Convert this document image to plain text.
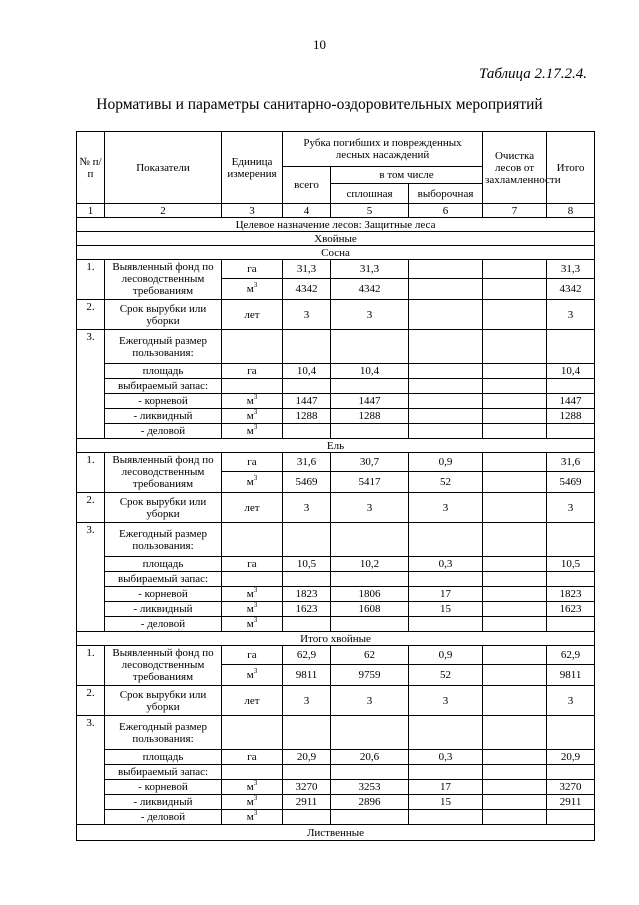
10
Таблица 2.17.2.4.
Нормативы и параметры санитарно-оздоровительных мероприятий
№ п/п	Показатели	Единица измерения	Рубка погибших и поврежденных лесных насаждений			Очистка лесов от захламленности	Итого
			всего	в том числе			
				сплошная	выборочная		
1	2	3	4	5	6	7	8
Целевое назначение лесов: Защитные леса							
Хвойные							
Сосна							
1.	Выявленный фонд по
лесоводственным
требованиям	га	31,3	31,3			31,3
		$м^3$	4342	4342			4342
2.	Срок вырубки или
уборки	лет	3	3			3
3.	Ежегодный размер
пользования:						
	площадь	га	10,4	10,4			10,4
	выбираемый запас:						
	- корневой	$м^3$	1447	1447			1447
	- ликвидный	$м^3$	1288	1288			1288
	- деловой	$м^3$					
Ель							
1.	Выявленный фонд по
лесоводственным
требованиям	га	31,6	30,7	0,9		31,6
		$м^3$	5469	5417	52		5469
2.	Срок вырубки или
уборки	лет	3	3	3		3
3.	Ежегодный размер
пользования:						
	площадь	га	10,5	10,2	0,3		10,5
	выбираемый запас:						
	- корневой	$м^3$	1823	1806	17		1823
	- ликвидный	$м^3$	1623	1608	15		1623
	- деловой	$м^3$					
Итого хвойные							
1.	Выявленный фонд по
лесоводственным
требованиям	га	62,9	62	0,9		62,9
		$м^3$	9811	9759	52		9811
2.	Срок вырубки или
уборки	лет	3	3	3		3
3.	Ежегодный размер
пользования:						
	площадь	га	20,9	20,6	0,3		20,9
	выбираемый запас:						
	- корневой	$м^3$	3270	3253	17		3270
	- ликвидный	$м^3$	2911	2896	15		2911
	- деловой	$м^3$					
Лиственные							
